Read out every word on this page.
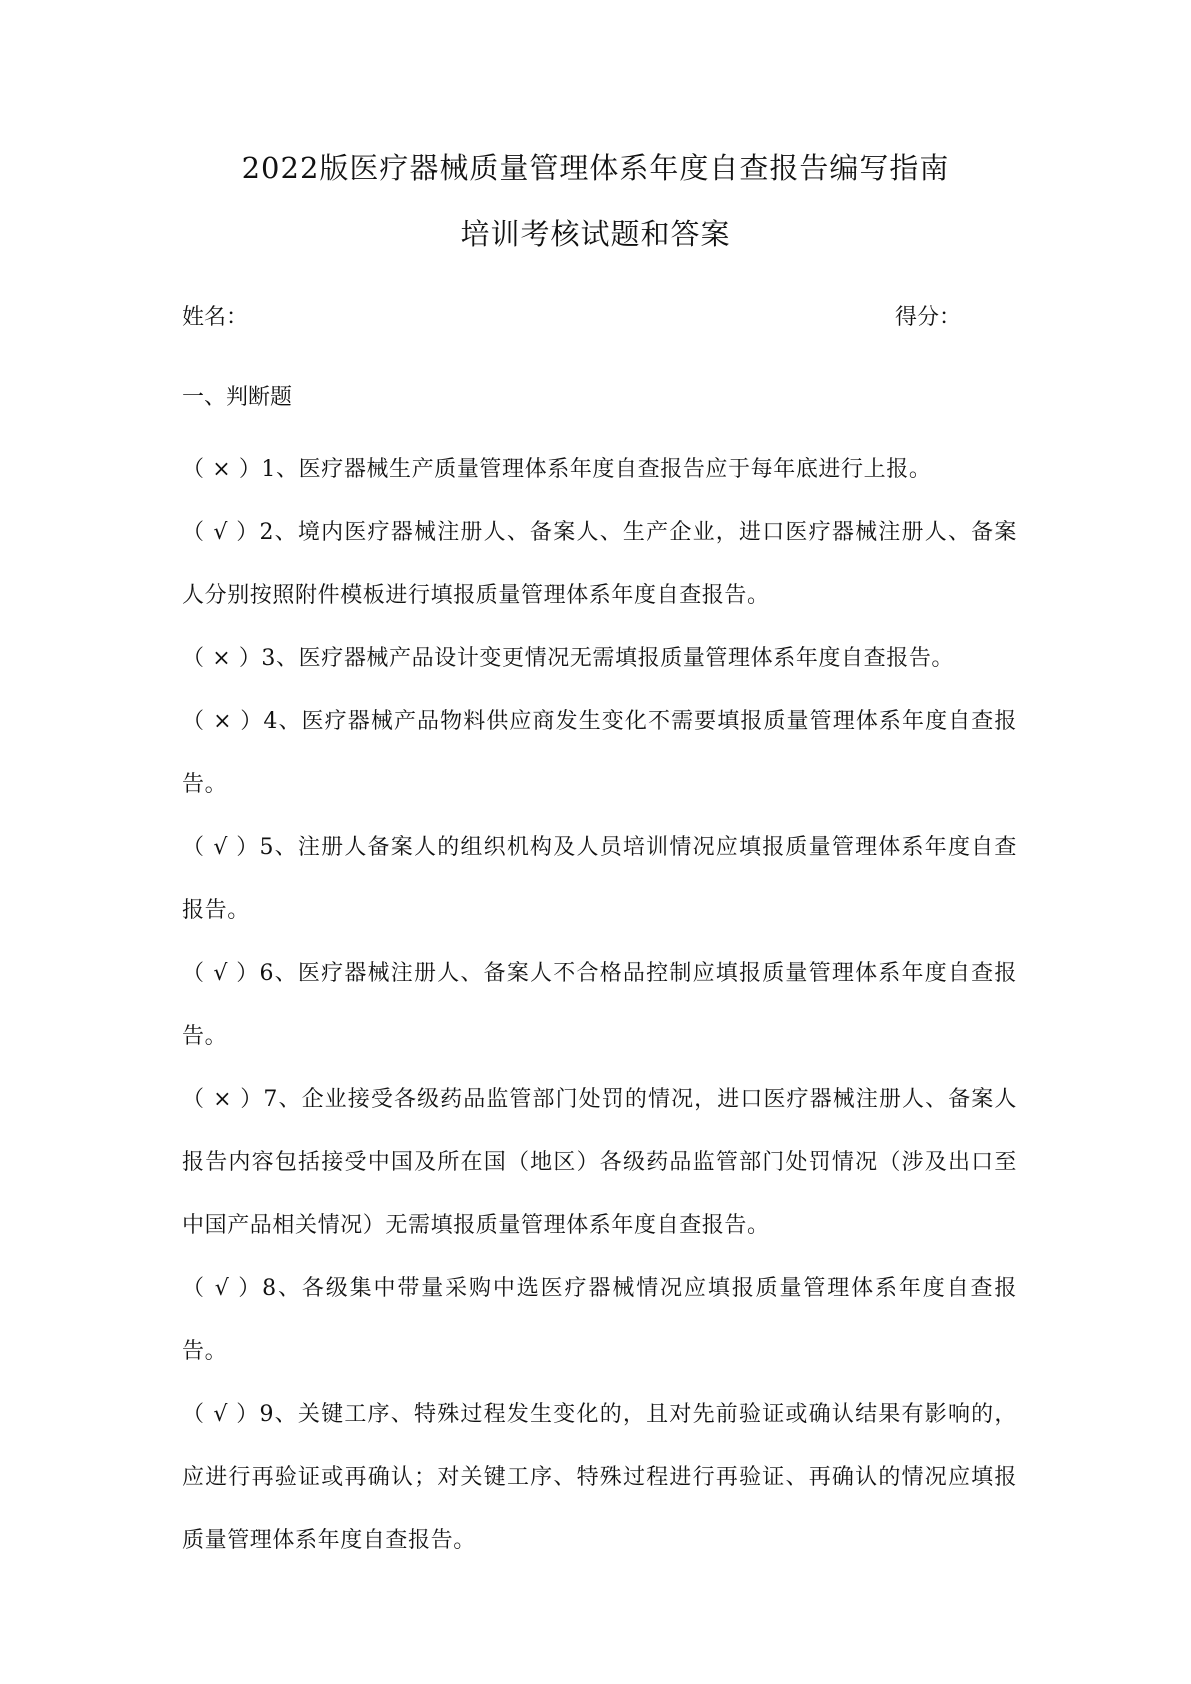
2022版医疗器械质量管理体系年度自查报告编写指南
培训考核试题和答案
姓名：	得分：
一、判断题

（ × ）1、医疗器械生产质量管理体系年度自查报告应于每年底进行上报。

（ √ ）2、境内医疗器械注册人、备案人、生产企业，进口医疗器械注册人、备案人分别按照附件模板进行填报质量管理体系年度自查报告。

（ × ）3、医疗器械产品设计变更情况无需填报质量管理体系年度自查报告。

（ × ）4、医疗器械产品物料供应商发生变化不需要填报质量管理体系年度自查报告。

（ √ ）5、注册人备案人的组织机构及人员培训情况应填报质量管理体系年度自查报告。

（ √ ）6、医疗器械注册人、备案人不合格品控制应填报质量管理体系年度自查报告。

（ × ）7、企业接受各级药品监管部门处罚的情况，进口医疗器械注册人、备案人报告内容包括接受中国及所在国（地区）各级药品监管部门处罚情况（涉及出口至中国产品相关情况）无需填报质量管理体系年度自查报告。

（ √ ）8、各级集中带量采购中选医疗器械情况应填报质量管理体系年度自查报告。

（ √ ）9、关键工序、特殊过程发生变化的，且对先前验证或确认结果有影响的，应进行再验证或再确认；对关键工序、特殊过程进行再验证、再确认的情况应填报质量管理体系年度自查报告。
